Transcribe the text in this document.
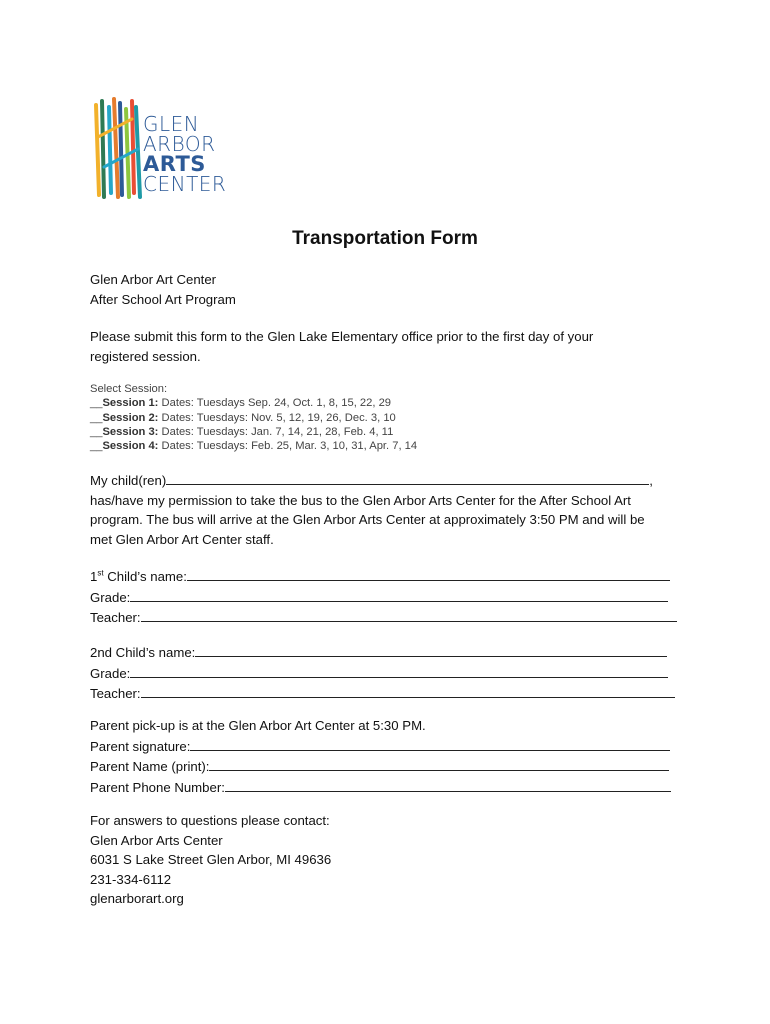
GLEN
ARBOR
ARTS
CENTER
Transportation Form
Glen Arbor Art Center
After School Art Program
Please submit this form to the Glen Lake Elementary office prior to the first day of your
registered session.
Select Session:
__Session 1: Dates: Tuesdays Sep. 24, Oct. 1, 8, 15, 22, 29
__Session 2: Dates: Tuesdays: Nov. 5, 12, 19, 26, Dec. 3, 10
__Session 3: Dates: Tuesdays: Jan. 7, 14, 21, 28, Feb. 4, 11
__Session 4: Dates: Tuesdays: Feb. 25, Mar. 3, 10, 31, Apr. 7, 14
My child(ren)	,
has/have my permission to take the bus to the Glen Arbor Arts Center for the After School Art
program. The bus will arrive at the Glen Arbor Arts Center at approximately 3:50 PM and will be
met Glen Arbor Art Center staff.
1st Child’s name:
Grade:
Teacher:
2nd Child’s name:
Grade:
Teacher:
Parent pick-up is at the Glen Arbor Art Center at 5:30 PM.
Parent signature:
Parent Name (print):
Parent Phone Number:
For answers to questions please contact:
Glen Arbor Arts Center
6031 S Lake Street Glen Arbor, MI 49636
231-334-6112
glenarborart.org
